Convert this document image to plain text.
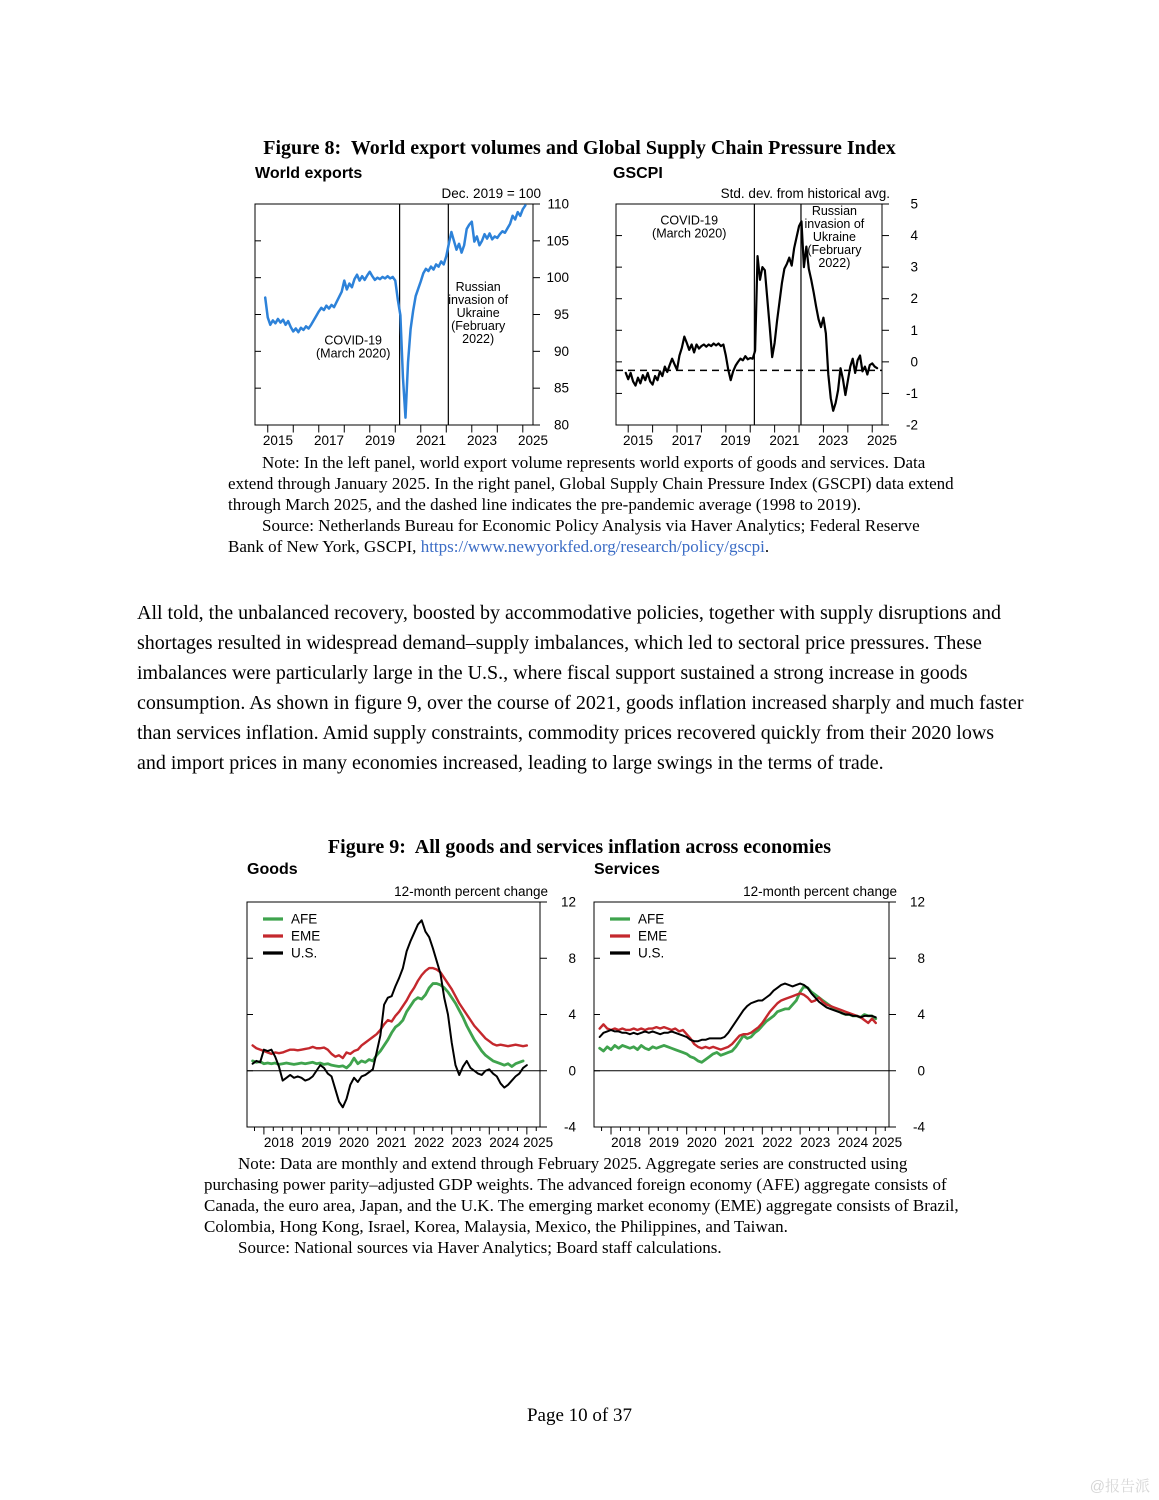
Figure 8:  World export volumes and Global Supply Chain Pressure Index
World exports	GSCPI
80
85
90
95
100
105
110
2015 2017 2019 2021 2023 2025
Dec. 2019 = 100
COVID-19 (March 2020)
Russian invasion of Ukraine (February 2022)
-2
-1
0
1
2
3
4
5
2015 2017 2019 2021 2023 2025
Std. dev. from historical avg.
COVID-19 (March 2020)
Russian invasion of Ukraine (February 2022)

Note: In the left panel, world export volume represents world exports of goods and services. Data extend through January 2025. In the right panel, Global Supply Chain Pressure Index (GSCPI) data extend through March 2025, and the dashed line indicates the pre-pandemic average (1998 to 2019).

Source: Netherlands Bureau for Economic Policy Analysis via Haver Analytics; Federal Reserve Bank of New York, GSCPI, https://www.newyorkfed.org/research/policy/gscpi.

All told, the unbalanced recovery, boosted by accommodative policies, together with supply disruptions and shortages resulted in widespread demand–supply imbalances, which led to sectoral price pressures. These imbalances were particularly large in the U.S., where fiscal support sustained a strong increase in goods consumption. As shown in figure 9, over the course of 2021, goods inflation increased sharply and much faster than services inflation. Amid supply constraints, commodity prices recovered quickly from their 2020 lows and import prices in many economies increased, leading to large swings in the terms of trade.
Figure 9:  All goods and services inflation across economies
Goods	Services
-4
0
4
8
12
2018 2019 2020 2021 2022 2023 2024 2025
12-month percent change
AFE
EME
U.S.
-4
0
4
8
12
2018 2019 2020 2021 2022 2023 2024 2025
12-month percent change
AFE
EME
U.S.

Note: Data are monthly and extend through February 2025. Aggregate series are constructed using purchasing power parity–adjusted GDP weights. The advanced foreign economy (AFE) aggregate consists of Canada, the euro area, Japan, and the U.K. The emerging market economy (EME) aggregate consists of Brazil, Colombia, Hong Kong, Israel, Korea, Malaysia, Mexico, the Philippines, and Taiwan.

Source: National sources via Haver Analytics; Board staff calculations.

Page 10 of 37
@报告派
